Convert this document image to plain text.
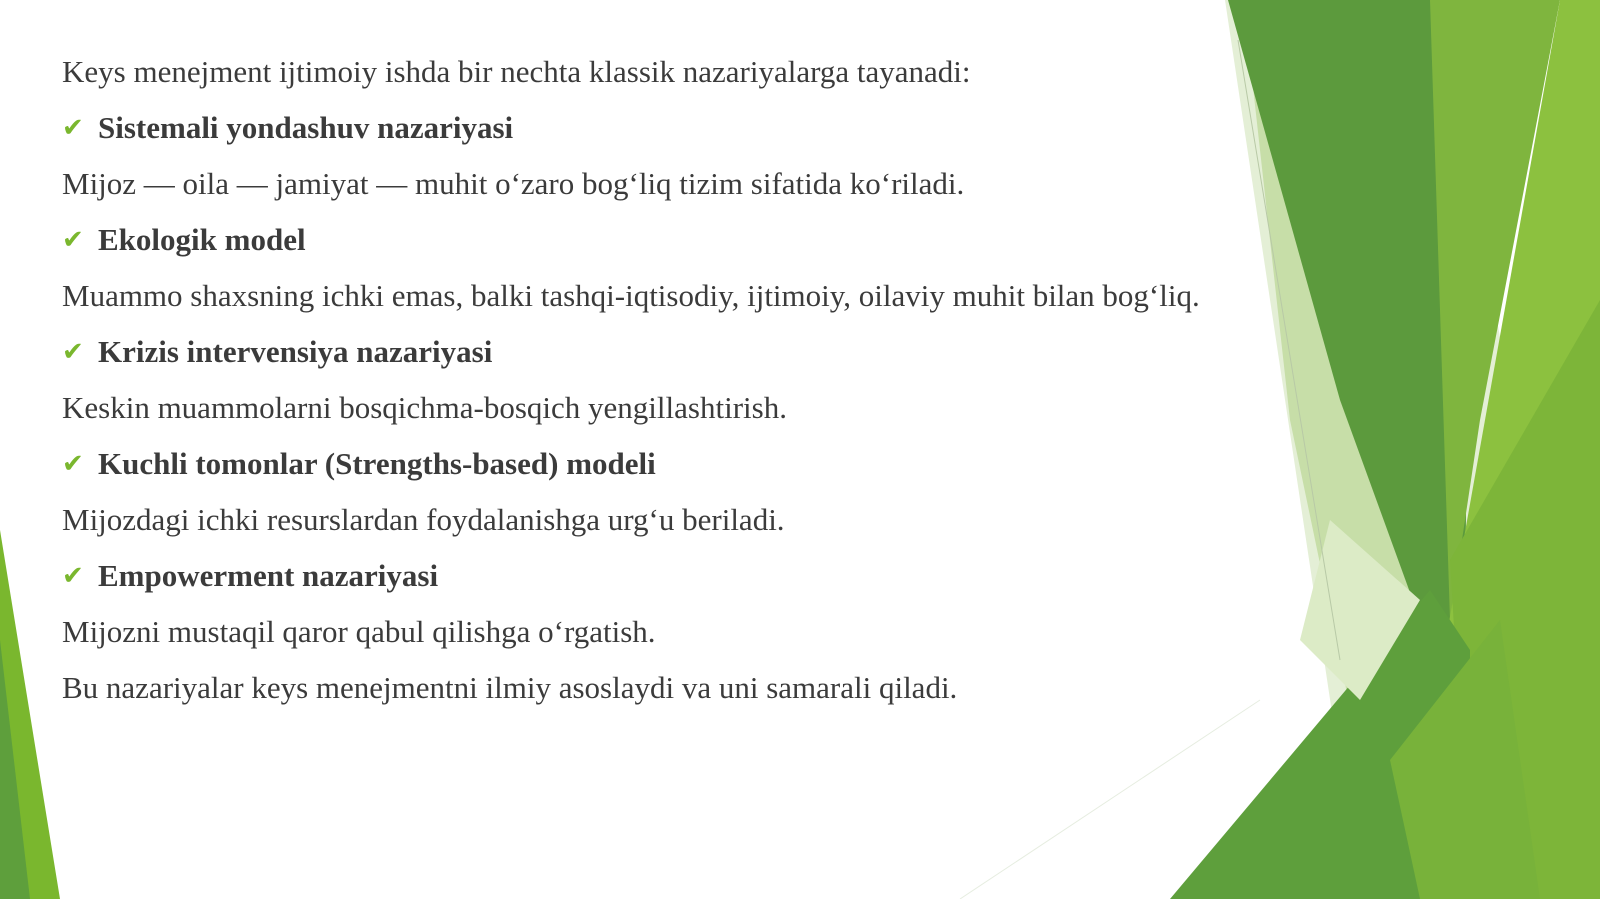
Keys menejment ijtimoiy ishda bir nechta klassik nazariyalarga tayanadi:

✔ Sistemali yondashuv nazariyasi

Mijoz — oila — jamiyat — muhit o‘zaro bog‘liq tizim sifatida ko‘riladi.

✔ Ekologik model

Muammo shaxsning ichki emas, balki tashqi-iqtisodiy, ijtimoiy, oilaviy muhit bilan bog‘liq.

✔ Krizis intervensiya nazariyasi

Keskin muammolarni bosqichma-bosqich yengillashtirish.

✔ Kuchli tomonlar (Strengths-based) modeli

Mijozdagi ichki resurslardan foydalanishga urg‘u beriladi.

✔ Empowerment nazariyasi

Mijozni mustaqil qaror qabul qilishga o‘rgatish.

Bu nazariyalar keys menejmentni ilmiy asoslaydi va uni samarali qiladi.
